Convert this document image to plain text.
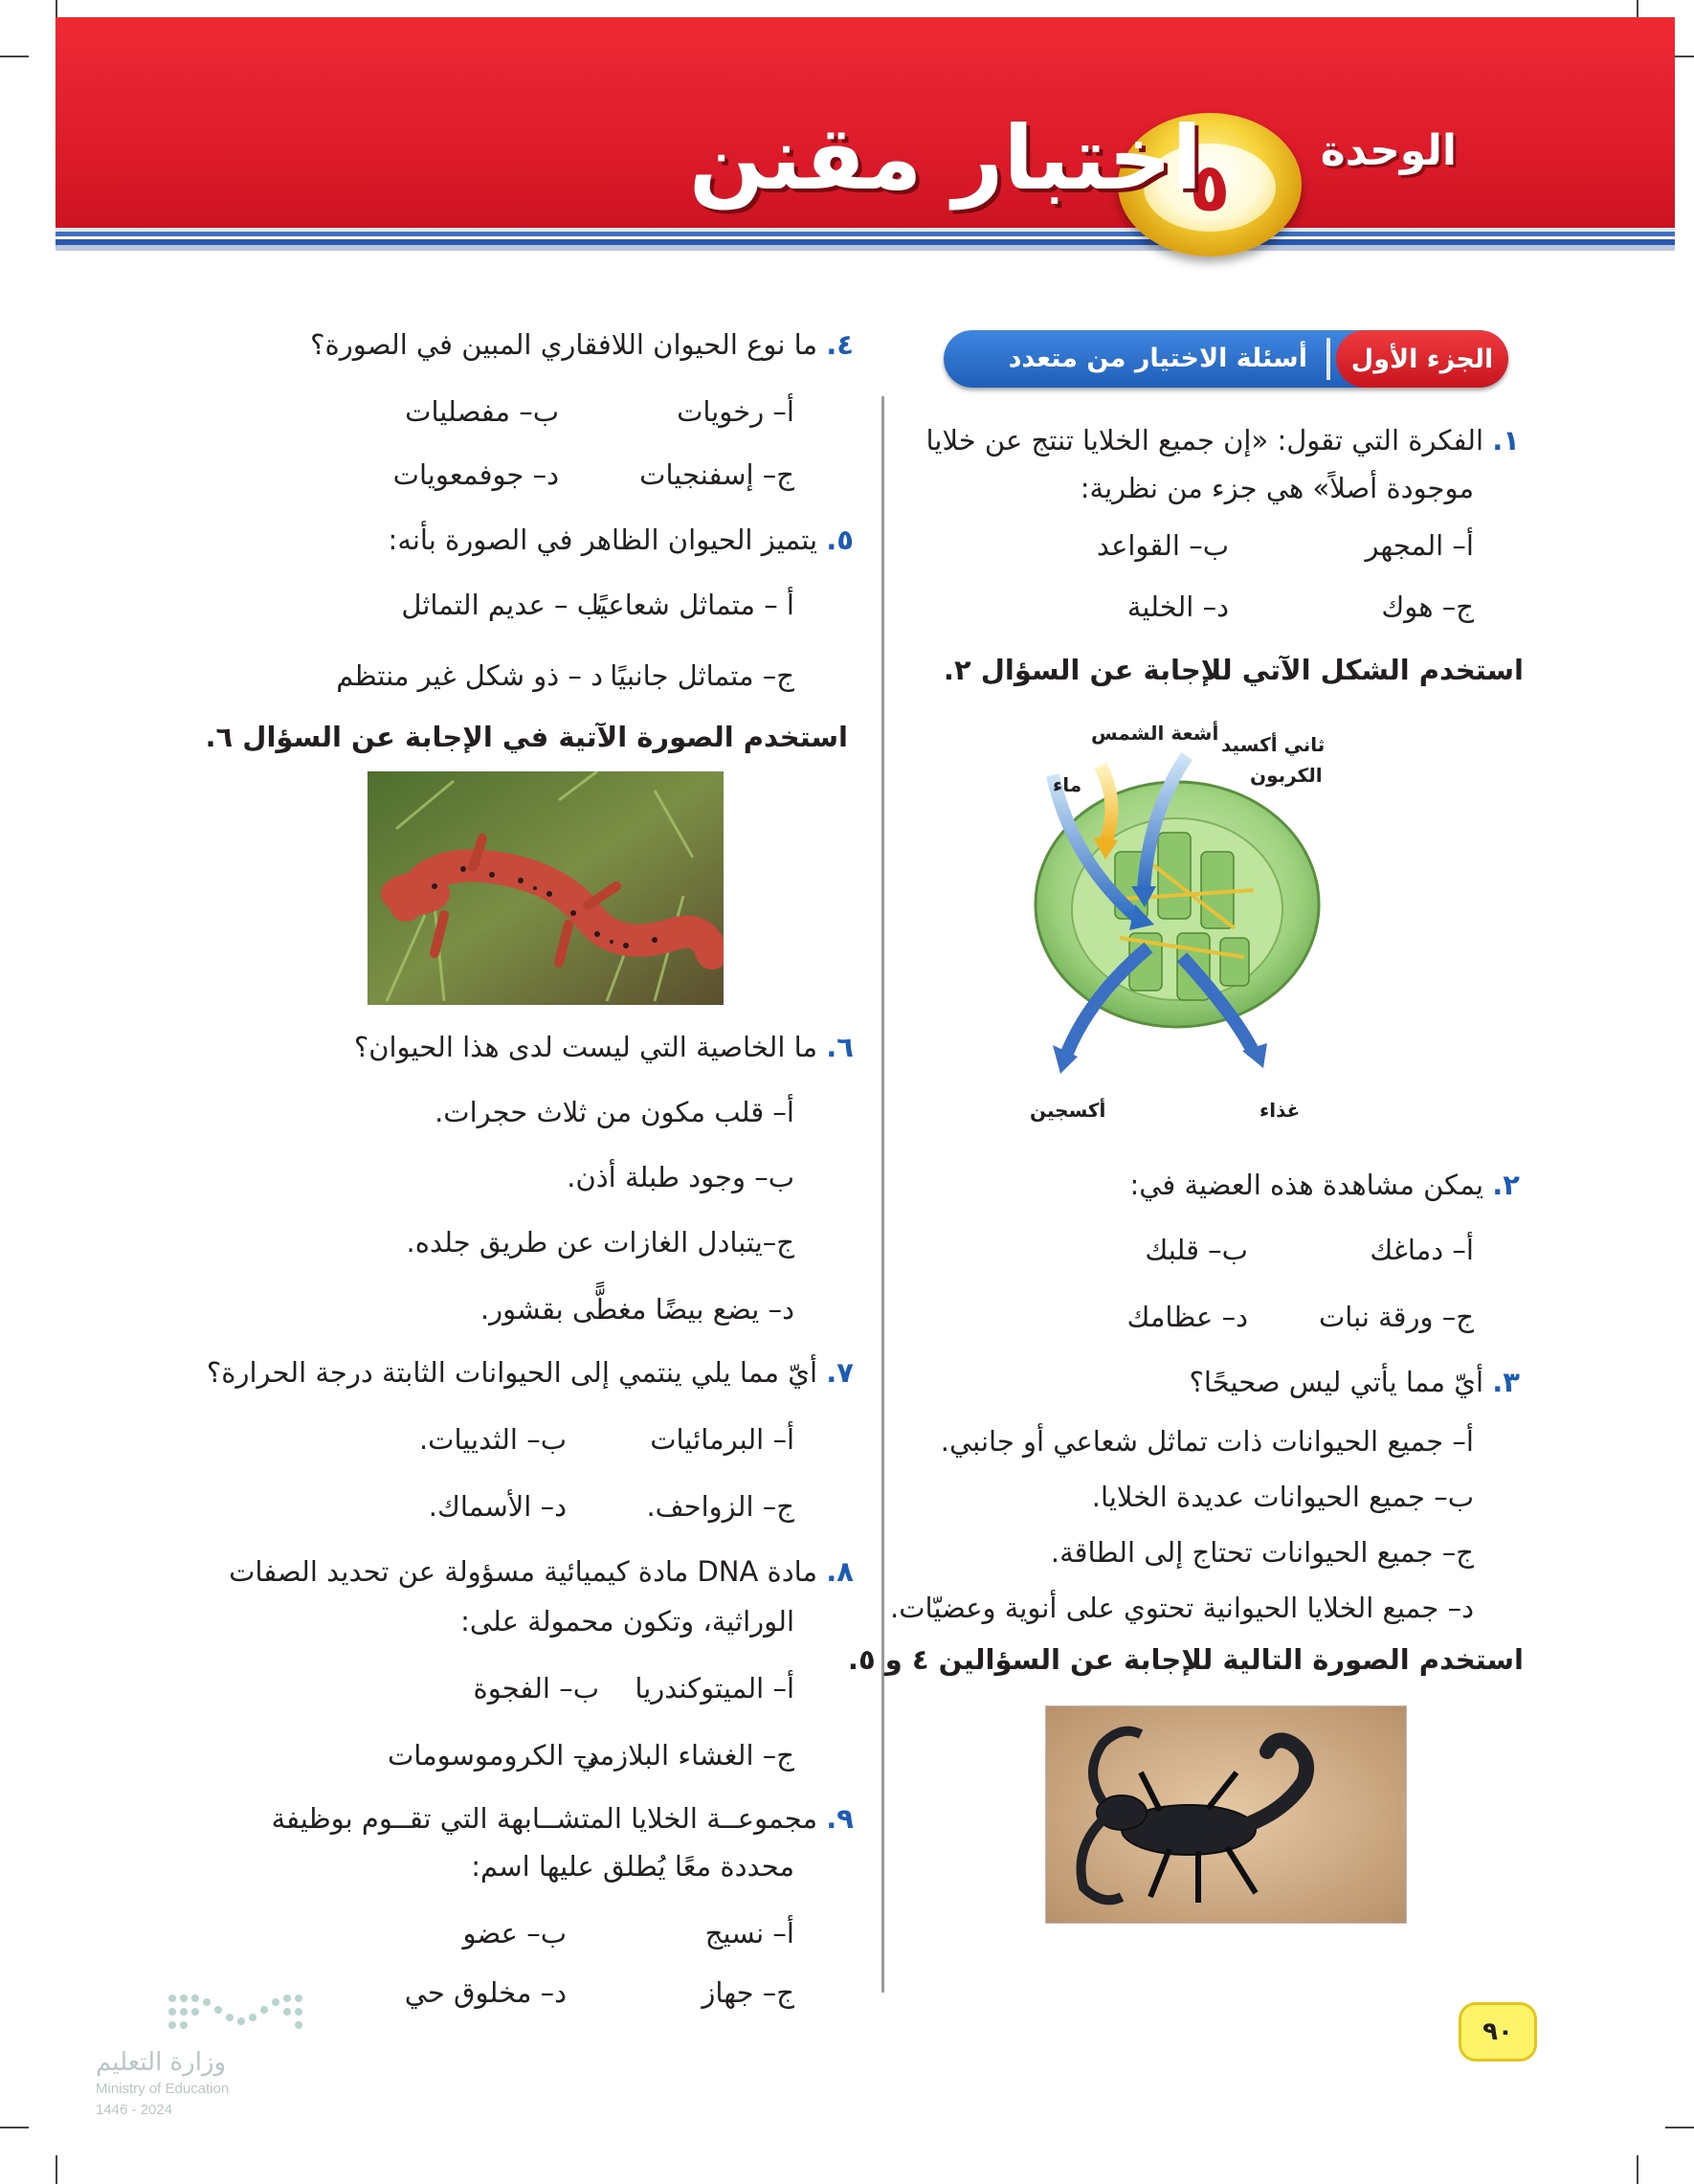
الوحدة
٥
اختبار مقنن
الجزء الأول
أسئلة الاختيار من متعدد
١. الفكرة التي تقول: «إن جميع الخلايا تنتج عن خلايا
موجودة أصلاً» هي جزء من نظرية:
أ– المجهر
ب– القواعد
ج– هوك
د– الخلية
استخدم الشكل الآتي للإجابة عن السؤال ٢.
أشعة الشمس ثاني أكسيد
الكربون
ماء
أكسجين	غذاء
٢. يمكن مشاهدة هذه العضية في:
أ– دماغك
ب– قلبك
ج– ورقة نبات
د– عظامك
٣. أيّ مما يأتي ليس صحيحًا؟
أ– جميع الحيوانات ذات تماثل شعاعي أو جانبي.
ب– جميع الحيوانات عديدة الخلايا.
ج– جميع الحيوانات تحتاج إلى الطاقة.
د– جميع الخلايا الحيوانية تحتوي على أنوية وعضيّات.
استخدم الصورة التالية للإجابة عن السؤالين ٤ و ٥.
٤. ما نوع الحيوان اللافقاري المبين في الصورة؟
أ– رخويات
ب– مفصليات
ج– إسفنجيات
د– جوفمعويات
٥. يتميز الحيوان الظاهر في الصورة بأنه:
أ – متماثل شعاعيًا
ب – عديم التماثل
ج– متماثل جانبيًا
د – ذو شكل غير منتظم
استخدم الصورة الآتية في الإجابة عن السؤال ٦.
٦. ما الخاصية التي ليست لدى هذا الحيوان؟
أ– قلب مكون من ثلاث حجرات.
ب– وجود طبلة أذن.
ج–يتبادل الغازات عن طريق جلده.
د– يضع بيضًا مغطًّى بقشور.
٧. أيّ مما يلي ينتمي إلى الحيوانات الثابتة درجة الحرارة؟
أ– البرمائيات
ب– الثدييات.
ج– الزواحف.
د– الأسماك.
٨. مادة DNA مادة كيميائية مسؤولة عن تحديد الصفات
الوراثية، وتكون محمولة على:
أ– الميتوكندريا
ب– الفجوة
ج– الغشاء البلازمي
د– الكروموسومات
٩. مجموعــة الخلايا المتشــابهة التي تقــوم بوظيفة
محددة معًا يُطلق عليها اسم:
أ– نسيج
ب– عضو
ج– جهاز
د– مخلوق حي
وزارة التعليم
Ministry of Education
2024 - 1446
٩٠
